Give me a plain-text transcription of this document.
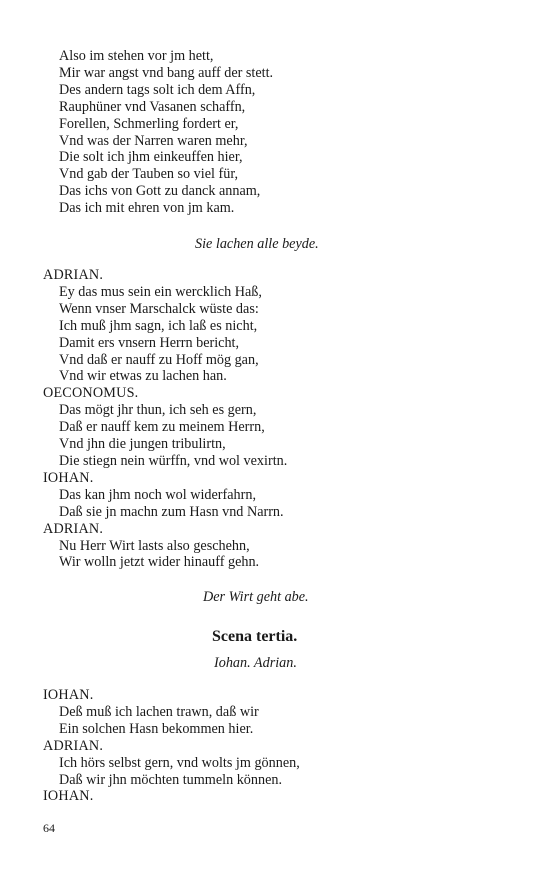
Also im stehen vor jm hett,
Mir war angst vnd bang auff der stett.
Des andern tags solt ich dem Affn,
Rauphüner vnd Vasanen schaffn,
Forellen, Schmerling fordert er,
Vnd was der Narren waren mehr,
Die solt ich jhm einkeuffen hier,
Vnd gab der Tauben so viel für,
Das ichs von Gott zu danck annam,
Das ich mit ehren von jm kam.
Sie lachen alle beyde.
ADRIAN.
Ey das mus sein ein wercklich Haß,
Wenn vnser Marschalck wüste das:
Ich muß jhm sagn, ich laß es nicht,
Damit ers vnsern Herrn bericht,
Vnd daß er nauff zu Hoff mög gan,
Vnd wir etwas zu lachen han.
OECONOMUS.
Das mögt jhr thun, ich seh es gern,
Daß er nauff kem zu meinem Herrn,
Vnd jhn die jungen tribulirtn,
Die stiegn nein würffn, vnd wol vexirtn.
IOHAN.
Das kan jhm noch wol widerfahrn,
Daß sie jn machn zum Hasn vnd Narrn.
ADRIAN.
Nu Herr Wirt lasts also geschehn,
Wir wolln jetzt wider hinauff gehn.
Der Wirt geht abe.
Scena tertia.
Iohan. Adrian.
IOHAN.
Deß muß ich lachen trawn, daß wir
Ein solchen Hasn bekommen hier.
ADRIAN.
Ich hörs selbst gern, vnd wolts jm gönnen,
Daß wir jhn möchten tummeln können.
IOHAN.
64
